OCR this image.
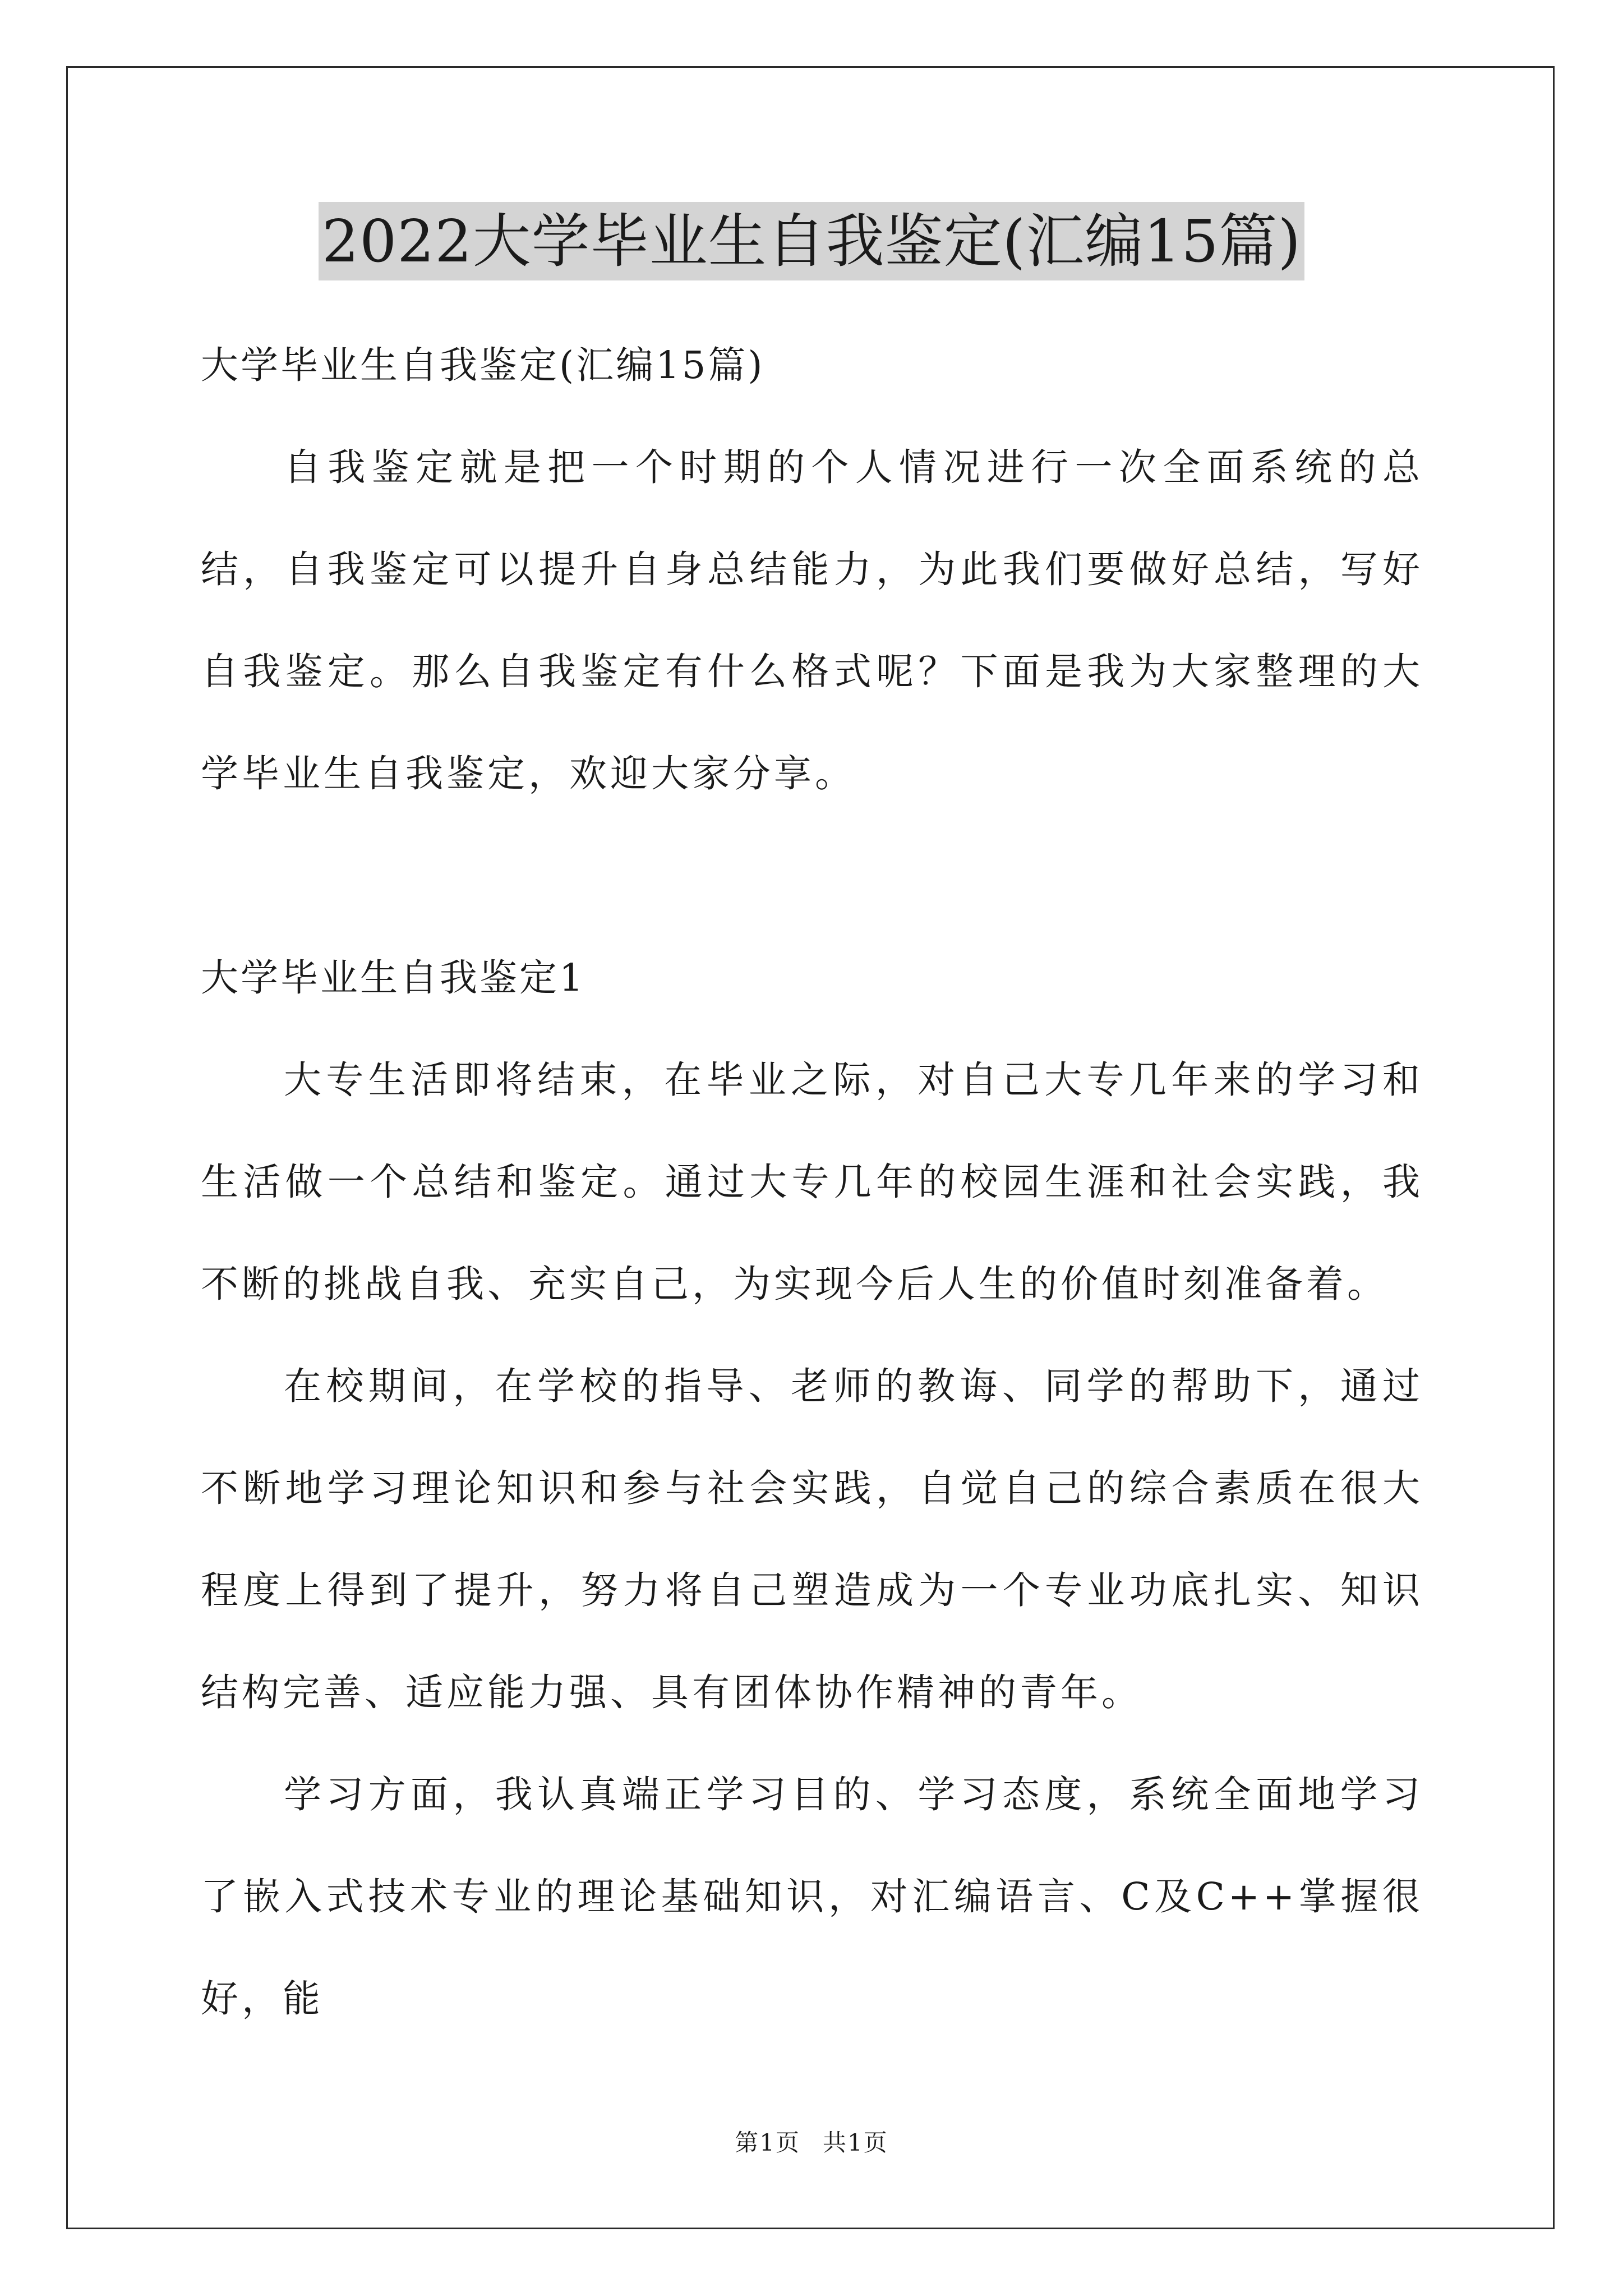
2022大学毕业生自我鉴定(汇编15篇)

大学毕业生自我鉴定(汇编15篇)

自我鉴定就是把一个时期的个人情况进行一次全面系统的总结，自我鉴定可以提升自身总结能力，为此我们要做好总结，写好自我鉴定。那么自我鉴定有什么格式呢？下面是我为大家整理的大学毕业生自我鉴定，欢迎大家分享。

大学毕业生自我鉴定1

大专生活即将结束，在毕业之际，对自己大专几年来的学习和生活做一个总结和鉴定。通过大专几年的校园生涯和社会实践，我不断的挑战自我、充实自己，为实现今后人生的价值时刻准备着。

在校期间，在学校的指导、老师的教诲、同学的帮助下，通过不断地学习理论知识和参与社会实践，自觉自己的综合素质在很大程度上得到了提升，努力将自己塑造成为一个专业功底扎实、知识结构完善、适应能力强、具有团体协作精神的青年。

学习方面，我认真端正学习目的、学习态度，系统全面地学习了嵌入式技术专业的理论基础知识，对汇编语言、C及C++掌握很好，能

第1页 共1页
